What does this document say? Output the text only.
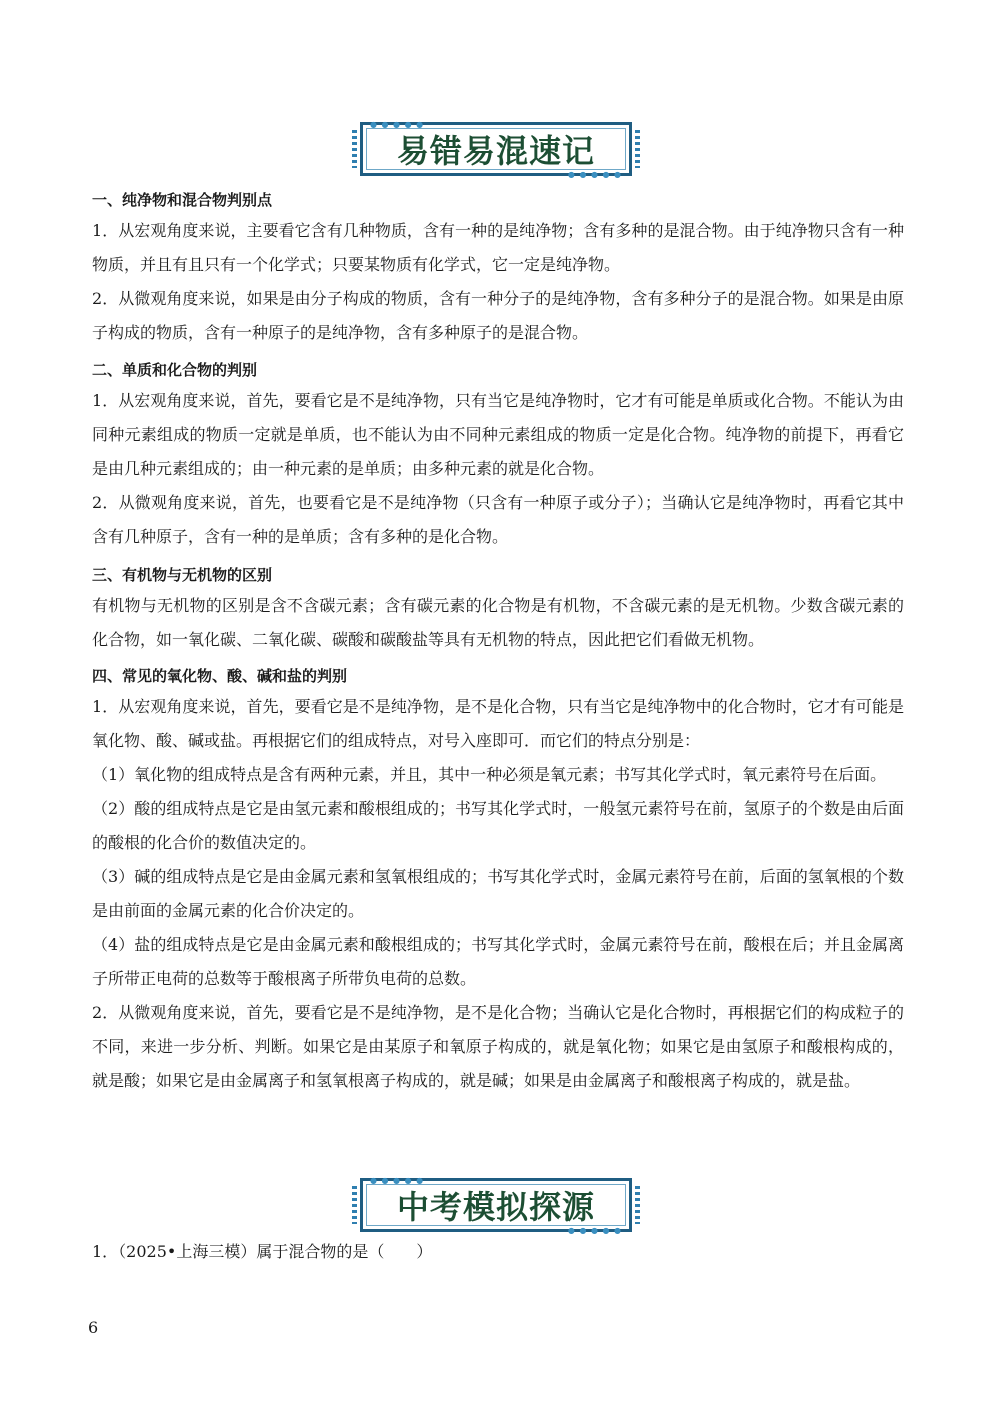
● ● ● ● ●
● ● ● ● ●
易错易混速记

一、纯净物和混合物判别点

1．从宏观角度来说，主要看它含有几种物质，含有一种的是纯净物；含有多种的是混合物。由于纯净物只含有一种物质，并且有且只有一个化学式；只要某物质有化学式，它一定是纯净物。

2．从微观角度来说，如果是由分子构成的物质，含有一种分子的是纯净物，含有多种分子的是混合物。如果是由原子构成的物质，含有一种原子的是纯净物，含有多种原子的是混合物。

二、单质和化合物的判别

1．从宏观角度来说，首先，要看它是不是纯净物，只有当它是纯净物时，它才有可能是单质或化合物。不能认为由同种元素组成的物质一定就是单质，也不能认为由不同种元素组成的物质一定是化合物。纯净物的前提下，再看它是由几种元素组成的；由一种元素的是单质；由多种元素的就是化合物。

2．从微观角度来说，首先，也要看它是不是纯净物（只含有一种原子或分子）；当确认它是纯净物时，再看它其中含有几种原子，含有一种的是单质；含有多种的是化合物。

三、有机物与无机物的区别

有机物与无机物的区别是含不含碳元素；含有碳元素的化合物是有机物，不含碳元素的是无机物。少数含碳元素的化合物，如一氧化碳、二氧化碳、碳酸和碳酸盐等具有无机物的特点，因此把它们看做无机物。

四、常见的氧化物、酸、碱和盐的判别

1．从宏观角度来说，首先，要看它是不是纯净物，是不是化合物，只有当它是纯净物中的化合物时，它才有可能是氧化物、酸、碱或盐。再根据它们的组成特点，对号入座即可．而它们的特点分别是：

（1）氧化物的组成特点是含有两种元素，并且，其中一种必须是氧元素；书写其化学式时，氧元素符号在后面。

（2）酸的组成特点是它是由氢元素和酸根组成的；书写其化学式时，一般氢元素符号在前，氢原子的个数是由后面的酸根的化合价的数值决定的。

（3）碱的组成特点是它是由金属元素和氢氧根组成的；书写其化学式时，金属元素符号在前，后面的氢氧根的个数是由前面的金属元素的化合价决定的。

（4）盐的组成特点是它是由金属元素和酸根组成的；书写其化学式时，金属元素符号在前，酸根在后；并且金属离子所带正电荷的总数等于酸根离子所带负电荷的总数。

2．从微观角度来说，首先，要看它是不是纯净物，是不是化合物；当确认它是化合物时，再根据它们的构成粒子的不同，来进一步分析、判断。如果它是由某原子和氧原子构成的，就是氧化物；如果它是由氢原子和酸根构成的，就是酸；如果它是由金属离子和氢氧根离子构成的，就是碱；如果是由金属离子和酸根离子构成的，就是盐。

● ● ● ● ●
● ● ● ● ●
中考模拟探源
1．（2025•上海三模）属于混合物的是（　　）
6
